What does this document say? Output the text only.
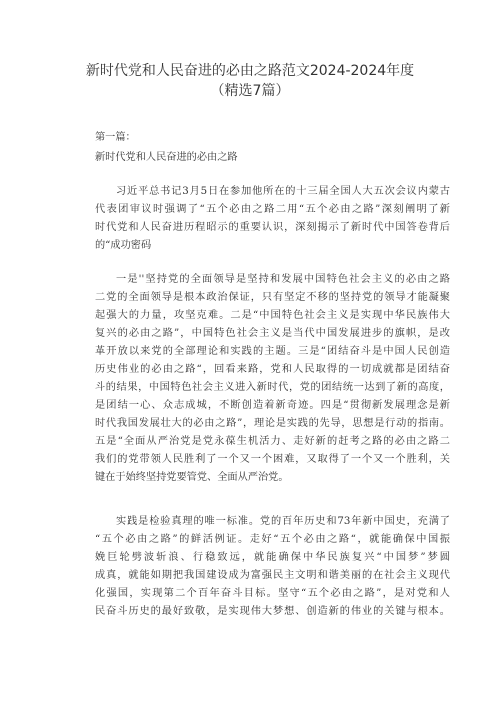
新时代党和人民奋进的必由之路范文2024-2024年度
（精选7篇）

第一篇：

新时代党和人民奋进的必由之路

习近平总书记3月5日在参加他所在的十三届全国人大五次会议内蒙古

代表团审议时强调了“五个必由之路二用“五个必由之路”深刻阐明了新

时代党和人民奋进历程昭示的重要认识，深刻揭示了新时代中国答卷背后

的“成功密码

一是''坚持党的全面领导是坚持和发展中国特色社会主义的必由之路

二党的全面领导是根本政治保证，只有坚定不移的坚持党的领导才能凝聚

起强大的力量，攻坚克难。二是“中国特色社会主义是实现中华民族伟大

复兴的必由之路”，中国特色社会主义是当代中国发展进步的旗帜，是改

革开放以来党的全部理论和实践的主题。三是“团结奋斗是中国人民创造

历史伟业的必由之路“，回看来路，党和人民取得的一切成就都是团结奋

斗的结果，中国特色社会主义进入新时代，党的团结统一达到了新的高度，

是团结一心、众志成城，不断创造着新奇迹。四是“贯彻新发展理念是新

时代我国发展壮大的必由之路”，理论是实践的先导，思想是行动的指南。

五是“全面从严治党是党永葆生机活力、走好新的赶考之路的必由之路二

我们的党带领人民胜利了一个又一个困难，又取得了一个又一个胜利，关

键在于始终坚持党要管党、全面从严治党。

实践是检验真理的唯一标准。党的百年历史和73年新中国史，充满了

“五个必由之路”的鲜活例证。走好“五个必由之路“，就能确保中国振

娩巨轮劈波斩浪、行稳致远，就能确保中华民族复兴“中国梦”梦圆

成真，就能如期把我国建设成为富强民主文明和谐美丽的在社会主义现代

化强国，实现第二个百年奋斗目标。坚守“五个必由之路”，是对党和人

民奋斗历史的最好致敬，是实现伟大梦想、创造新的伟业的关键与根本。
